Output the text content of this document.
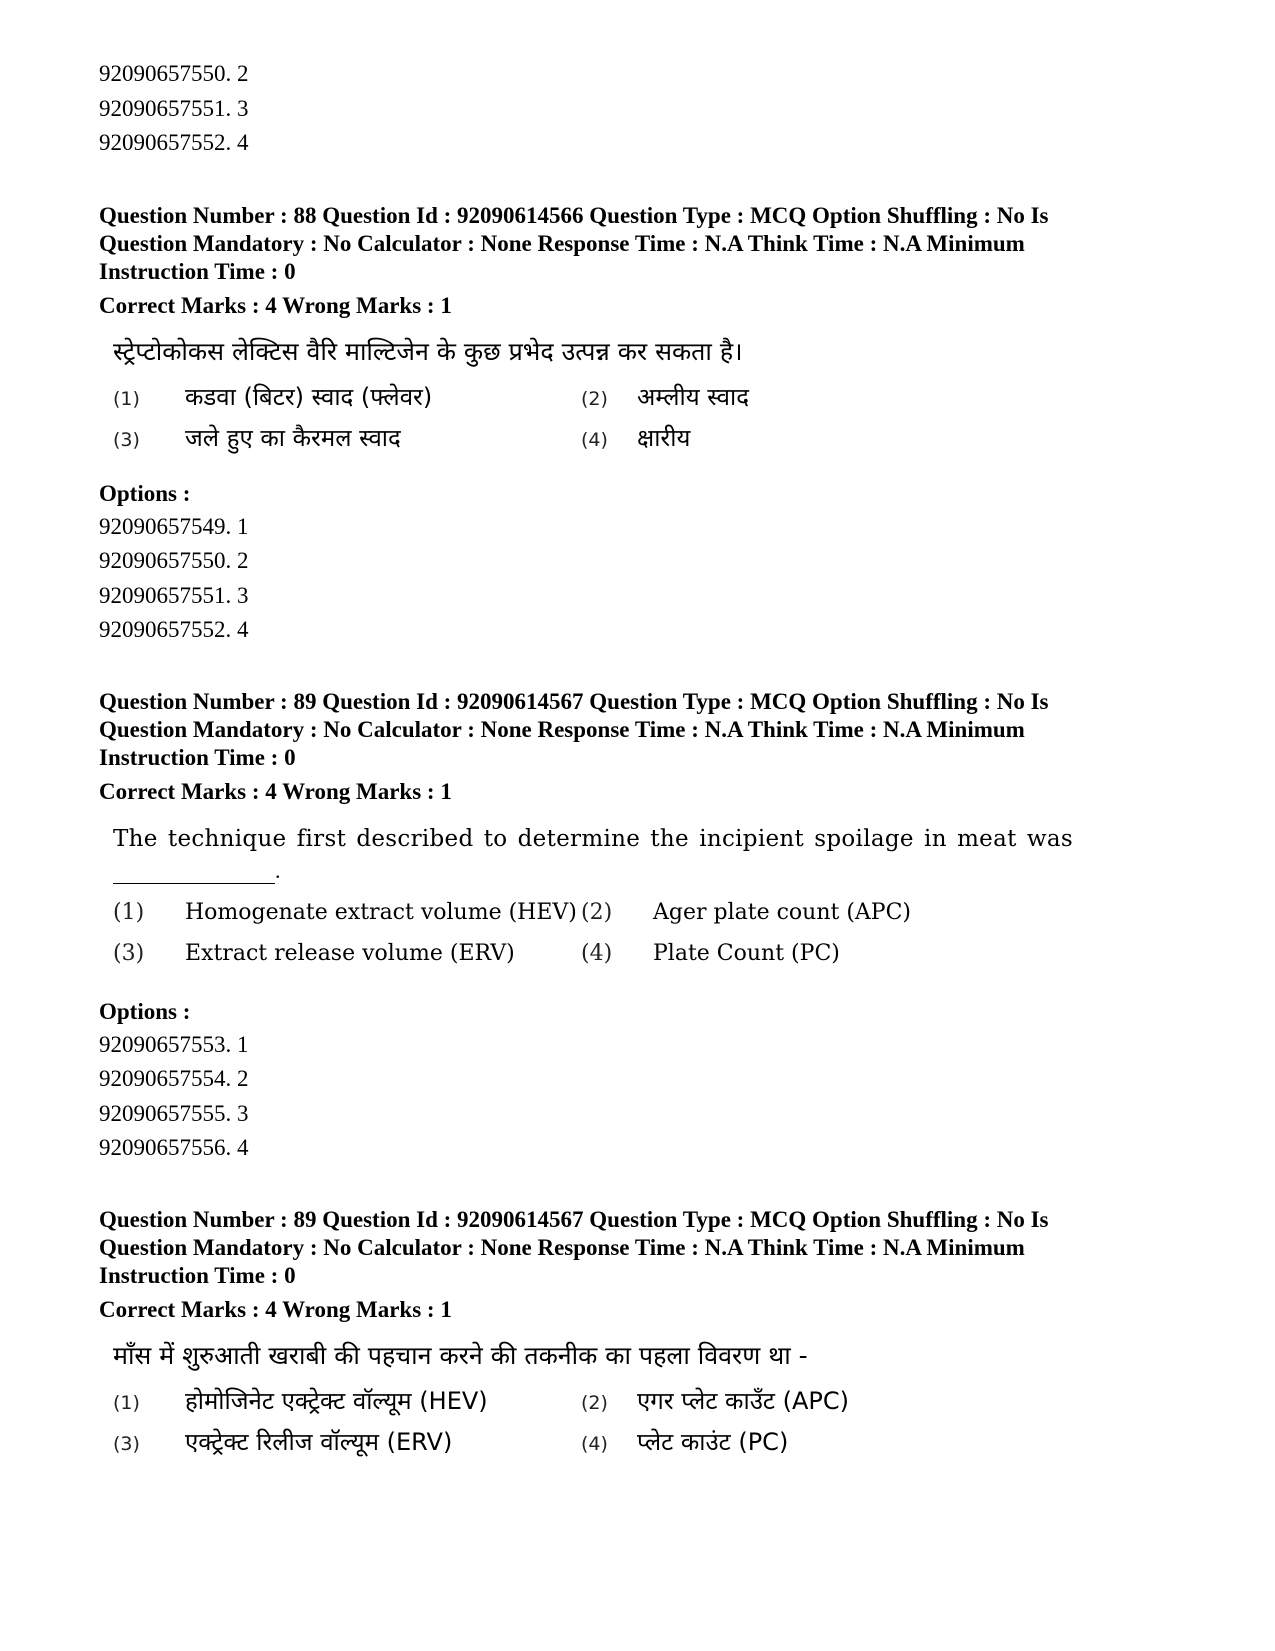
92090657550. 2

92090657551. 3

92090657552. 4

Question Number : 88 Question Id : 92090614566 Question Type : MCQ Option Shuffling : No Is

Question Mandatory : No Calculator : None Response Time : N.A Think Time : N.A Minimum

Instruction Time : 0

Correct Marks : 4 Wrong Marks : 1

स्ट्रेप्टोकोकस लेक्टिस वैरि माल्टिजेन के कुछ प्रभेद उत्पन्न कर सकता है।

(1)	कडवा (बिटर) स्वाद (फ्लेवर)	(2)	अम्लीय स्वाद
(3)	जले हुए का कैरमल स्वाद	(4)	क्षारीय

Options :

92090657549. 1

92090657550. 2

92090657551. 3

92090657552. 4

Question Number : 89 Question Id : 92090614567 Question Type : MCQ Option Shuffling : No Is

Question Mandatory : No Calculator : None Response Time : N.A Think Time : N.A Minimum

Instruction Time : 0

Correct Marks : 4 Wrong Marks : 1

The technique first described to determine the incipient spoilage in meat was

.
(1)	Homogenate extract volume (HEV) (2)	Ager plate count (APC)
(3)	Extract release volume (ERV)	(4)	Plate Count (PC)

Options :

92090657553. 1

92090657554. 2

92090657555. 3

92090657556. 4

Question Number : 89 Question Id : 92090614567 Question Type : MCQ Option Shuffling : No Is

Question Mandatory : No Calculator : None Response Time : N.A Think Time : N.A Minimum

Instruction Time : 0

Correct Marks : 4 Wrong Marks : 1

माँस में शुरुआती खराबी की पहचान करने की तकनीक का पहला विवरण था -

(1)	होमोजिनेट एक्ट्रेक्ट वॉल्यूम (HEV)	(2)	एगर प्लेट काउँट (APC)
(3)	एक्ट्रेक्ट रिलीज वॉल्यूम (ERV)	(4)	प्लेट काउंट (PC)
